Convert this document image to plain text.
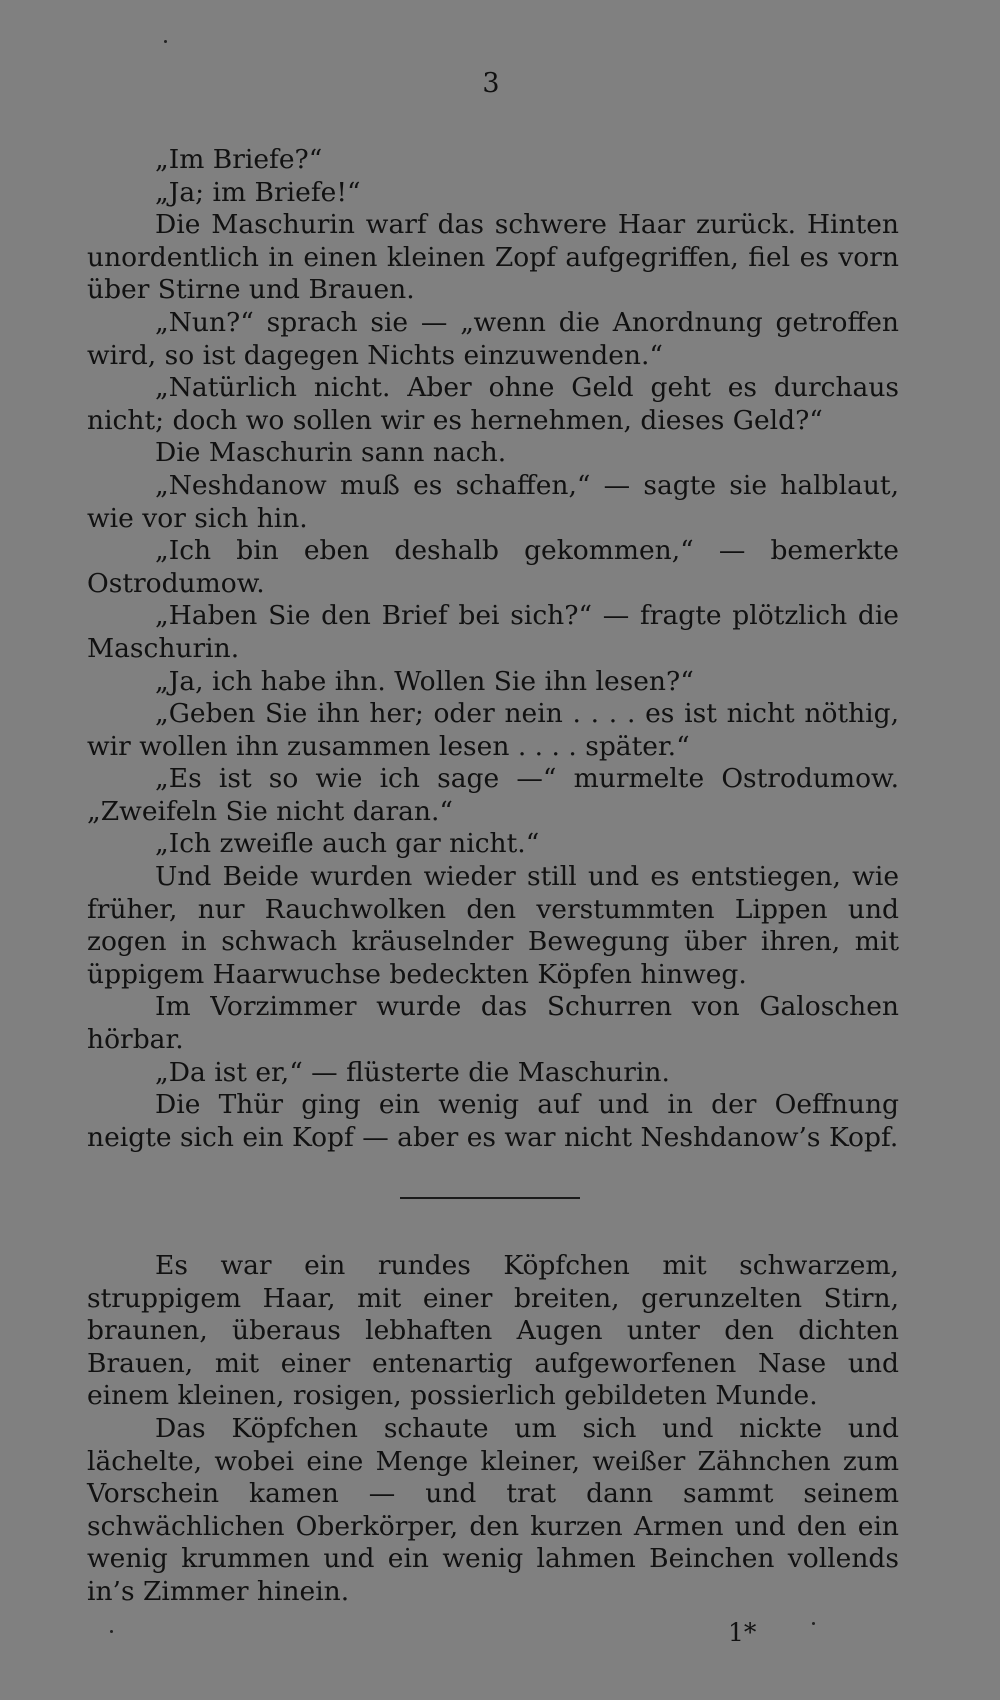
3

„Im Briefe?“

„Ja; im Briefe!“

Die Maschurin warf das schwere Haar zurück. Hinten unordentlich in einen kleinen Zopf aufgegriffen, fiel es vorn über Stirne und Brauen.

„Nun?“ sprach sie — „wenn die Anordnung getroffen wird, so ist dagegen Nichts einzuwenden.“

„Natürlich nicht. Aber ohne Geld geht es durchaus nicht; doch wo sollen wir es hernehmen, dieses Geld?“

Die Maschurin sann nach.

„Neshdanow muß es schaffen,“ — sagte sie halblaut, wie vor sich hin.

„Ich bin eben deshalb gekommen,“ — bemerkte Ostrodumow.

„Haben Sie den Brief bei sich?“ — fragte plötzlich die Maschurin.

„Ja, ich habe ihn. Wollen Sie ihn lesen?“

„Geben Sie ihn her; oder nein . . . . es ist nicht nöthig, wir wollen ihn zusammen lesen . . . . später.“

„Es ist so wie ich sage —“ murmelte Ostrodumow. „Zweifeln Sie nicht daran.“

„Ich zweifle auch gar nicht.“

Und Beide wurden wieder still und es entstiegen, wie früher, nur Rauchwolken den verstummten Lippen und zogen in schwach kräuselnder Bewegung über ihren, mit üppigem Haarwuchse bedeckten Köpfen hinweg.

Im Vorzimmer wurde das Schurren von Galoschen hörbar.

„Da ist er,“ — flüsterte die Maschurin.

Die Thür ging ein wenig auf und in der Oeffnung neigte sich ein Kopf — aber es war nicht Neshdanow’s Kopf.

Es war ein rundes Köpfchen mit schwarzem, struppigem Haar, mit einer breiten, gerunzelten Stirn, braunen, überaus lebhaften Augen unter den dichten Brauen, mit einer entenartig aufgeworfenen Nase und einem kleinen, rosigen, possierlich gebildeten Munde.

Das Köpfchen schaute um sich und nickte und lächelte, wobei eine Menge kleiner, weißer Zähnchen zum Vorschein kamen — und trat dann sammt seinem schwächlichen Oberkörper, den kurzen Armen und den ein wenig krummen und ein wenig lahmen Beinchen vollends in’s Zimmer hinein.

1*
